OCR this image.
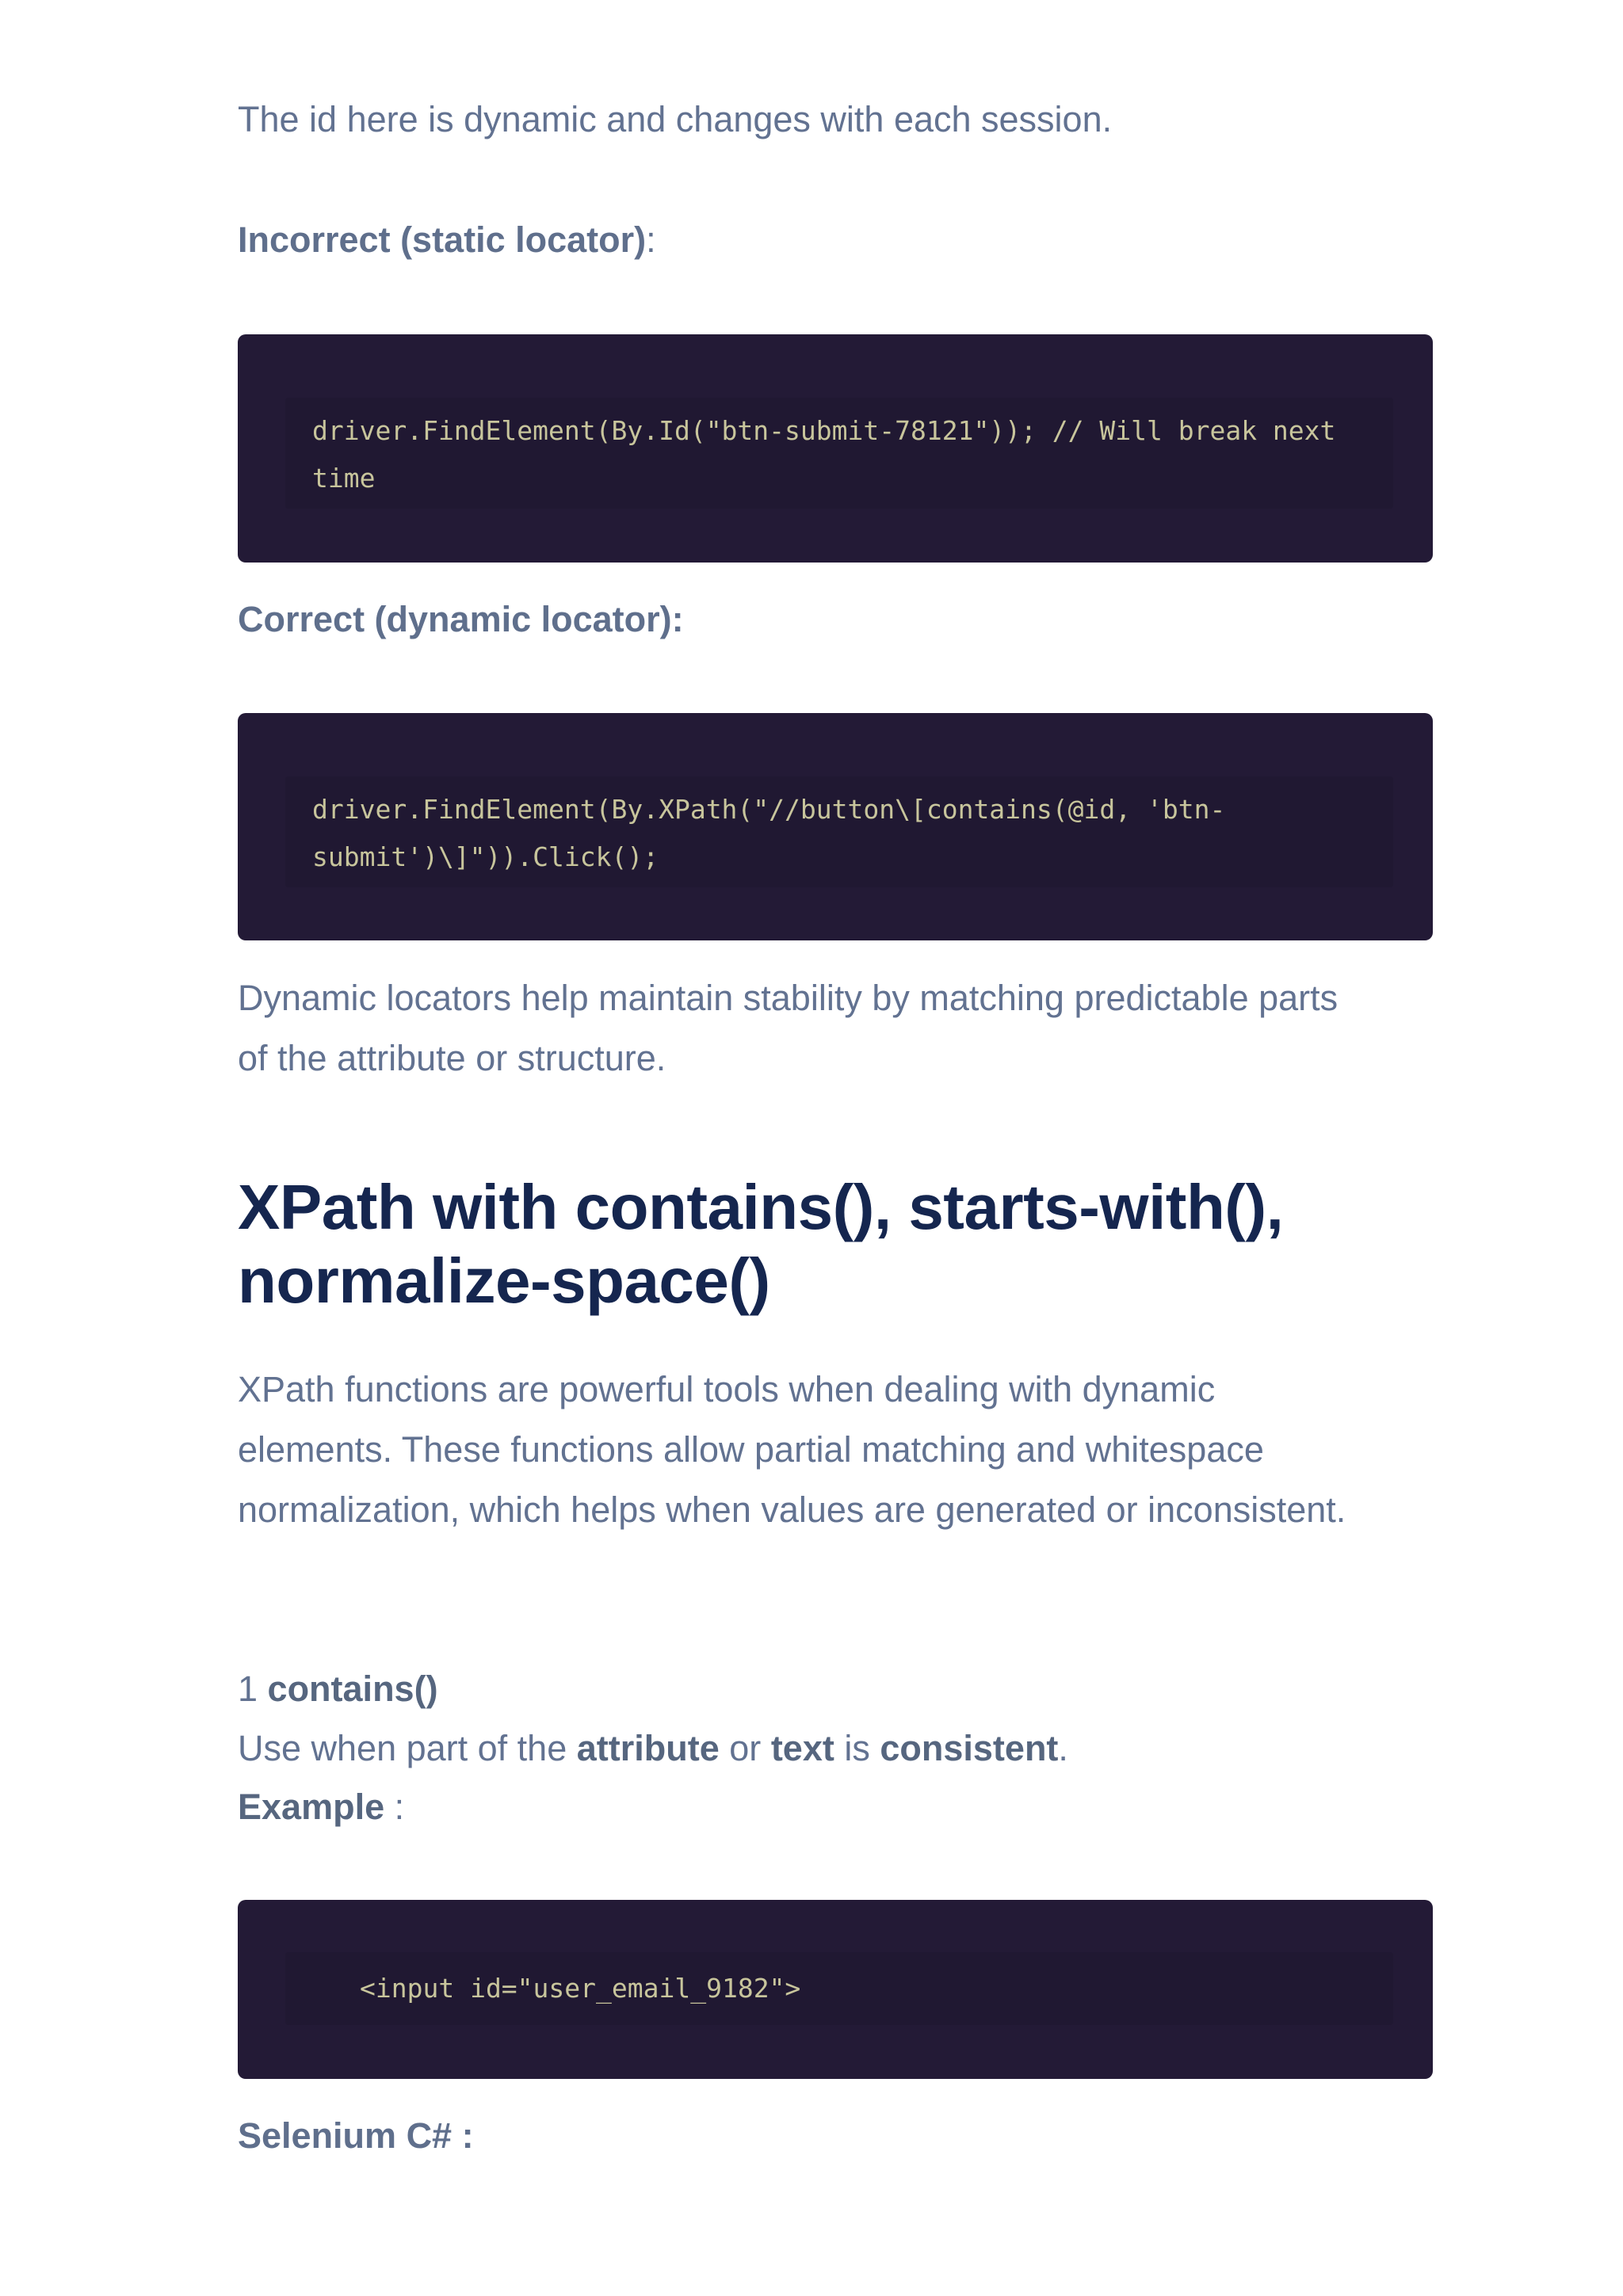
The id here is dynamic and changes with each session.

Incorrect (static locator):

driver.FindElement(By.Id("btn-submit-78121")); // Will break next time

Correct (dynamic locator):

driver.FindElement(By.XPath("//button\[contains(@id, 'btn-submit')\]")).Click();

Dynamic locators help maintain stability by matching predictable parts of the attribute or structure.

XPath with contains(), starts-with(), normalize-space()

XPath functions are powerful tools when dealing with dynamic elements. These functions allow partial matching and whitespace normalization, which helps when values are generated or inconsistent.

1 contains()

Use when part of the attribute or text is consistent.

Example :

<input id="user_email_9182">

Selenium C# :
